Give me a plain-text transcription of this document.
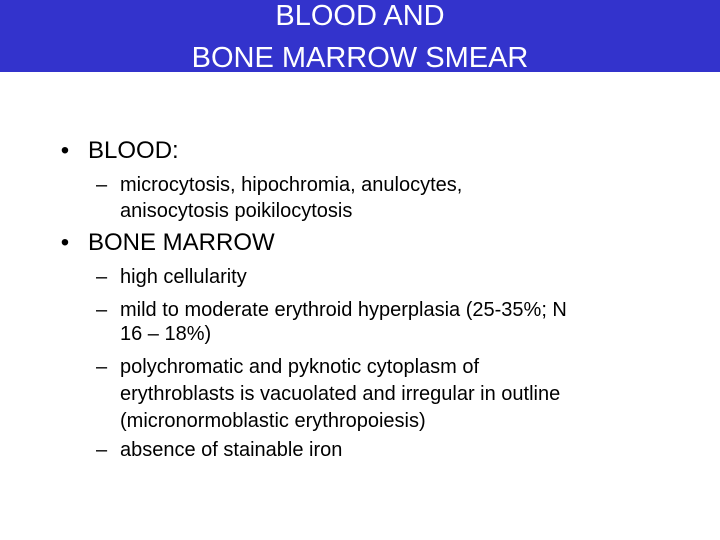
BLOOD AND
BONE MARROW SMEAR
• BLOOD:
– microcytosis, hipochromia, anulocytes,
anisocytosis poikilocytosis
• BONE MARROW
– high cellularity
– mild to moderate erythroid hyperplasia (25-35%; N
16 – 18%)
– polychromatic and pyknotic cytoplasm of
erythroblasts is vacuolated and irregular in outline
(micronormoblastic erythropoiesis)
– absence of stainable iron
